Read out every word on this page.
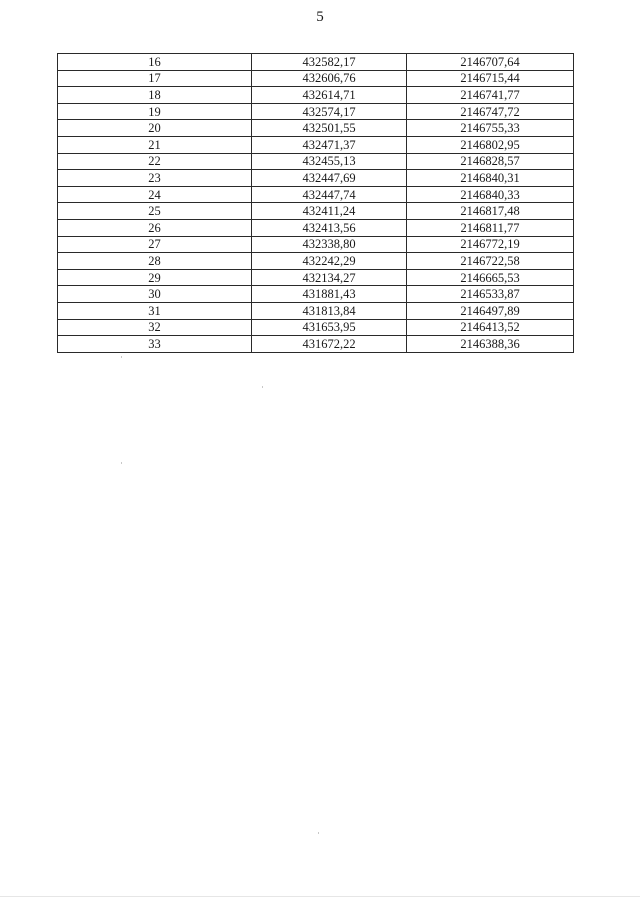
5
16	432582,17	2146707,64
17	432606,76	2146715,44
18	432614,71	2146741,77
19	432574,17	2146747,72
20	432501,55	2146755,33
21	432471,37	2146802,95
22	432455,13	2146828,57
23	432447,69	2146840,31
24	432447,74	2146840,33
25	432411,24	2146817,48
26	432413,56	2146811,77
27	432338,80	2146772,19
28	432242,29	2146722,58
29	432134,27	2146665,53
30	431881,43	2146533,87
31	431813,84	2146497,89
32	431653,95	2146413,52
33	431672,22	2146388,36
